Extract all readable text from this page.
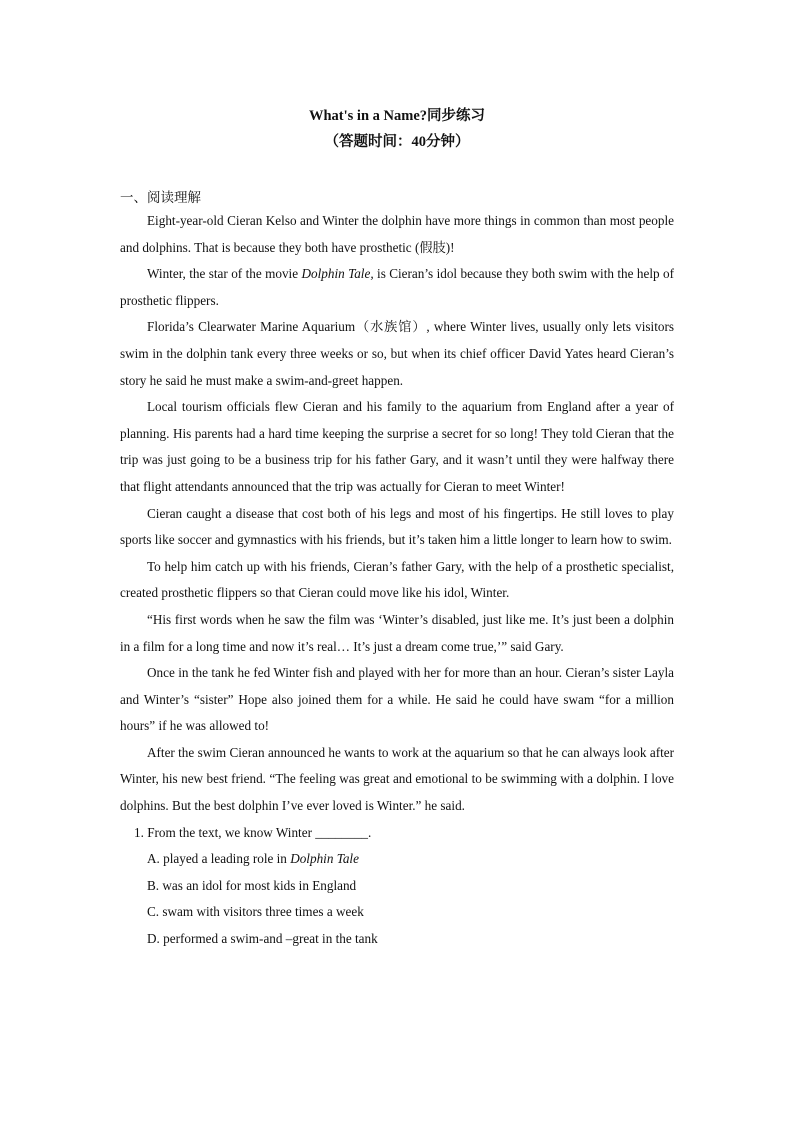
What's in a Name?同步练习
（答题时间：40分钟）
一、阅读理解

Eight-year-old Cieran Kelso and Winter the dolphin have more things in common than most people and dolphins. That is because they both have prosthetic (假肢)!

Winter, the star of the movie Dolphin Tale, is Cieran’s idol because they both swim with the help of prosthetic flippers.

Florida’s Clearwater Marine Aquarium（水族馆）, where Winter lives, usually only lets visitors swim in the dolphin tank every three weeks or so, but when its chief officer David Yates heard Cieran’s story he said he must make a swim-and-greet happen.

Local tourism officials flew Cieran and his family to the aquarium from England after a year of planning. His parents had a hard time keeping the surprise a secret for so long! They told Cieran that the trip was just going to be a business trip for his father Gary, and it wasn’t until they were halfway there that flight attendants announced that the trip was actually for Cieran to meet Winter!

Cieran caught a disease that cost both of his legs and most of his fingertips. He still loves to play sports like soccer and gymnastics with his friends, but it’s taken him a little longer to learn how to swim.

To help him catch up with his friends, Cieran’s father Gary, with the help of a prosthetic specialist, created prosthetic flippers so that Cieran could move like his idol, Winter.

“His first words when he saw the film was ‘Winter’s disabled, just like me. It’s just been a dolphin in a film for a long time and now it’s real… It’s just a dream come true,’” said Gary.

Once in the tank he fed Winter fish and played with her for more than an hour. Cieran’s sister Layla and Winter’s “sister” Hope also joined them for a while. He said he could have swam “for a million hours” if he was allowed to!

After the swim Cieran announced he wants to work at the aquarium so that he can always look after Winter, his new best friend. “The feeling was great and emotional to be swimming with a dolphin. I love dolphins. But the best dolphin I’ve ever loved is Winter.” he said.

1. From the text, we know Winter ________.

A. played a leading role in Dolphin Tale

B. was an idol for most kids in England

C. swam with visitors three times a week

D. performed a swim-and –great in the tank
